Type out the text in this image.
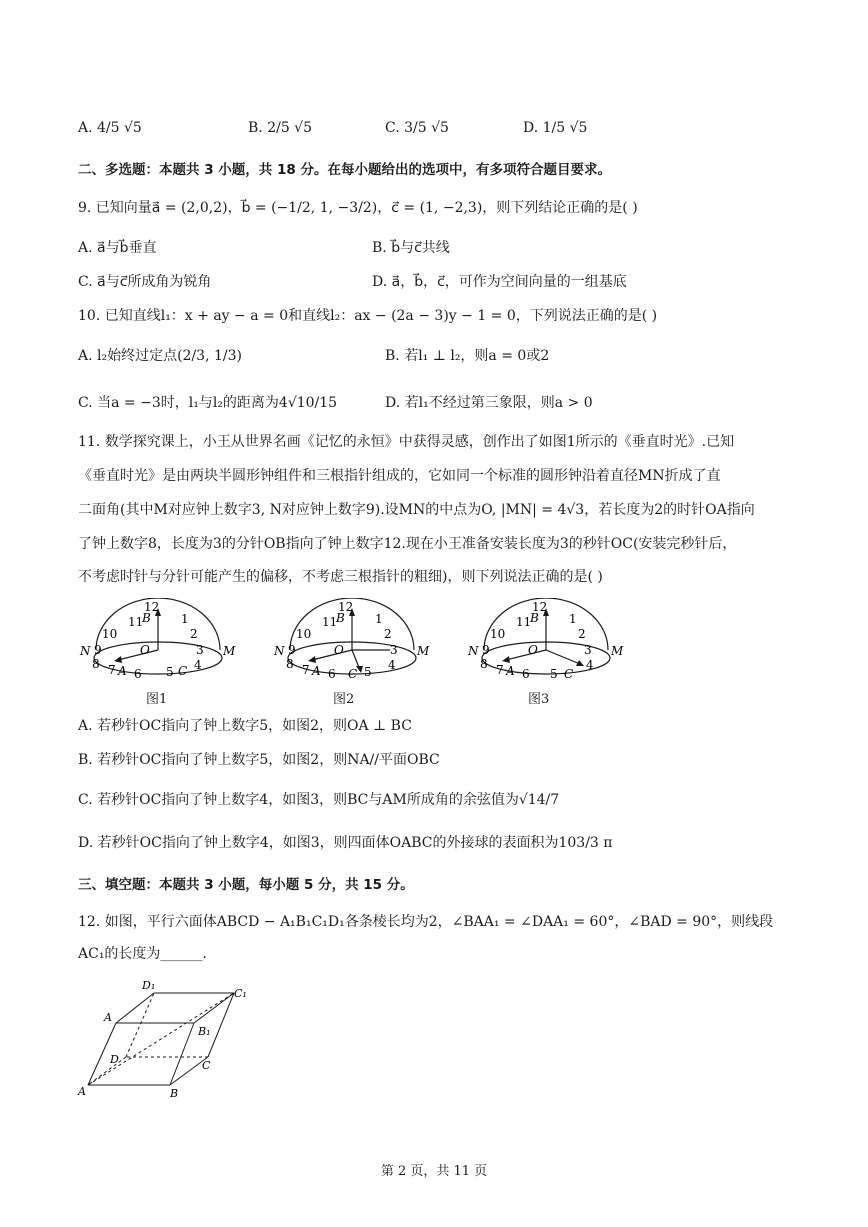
A. 4/5 √5	B. 2/5 √5	C. 3/5 √5	D. 1/5 √5
二、多选题：本题共 3 小题，共 18 分。在每小题给出的选项中，有多项符合题目要求。
9. 已知向量a⃗ = (2,0,2)，b⃗ = (−1/2, 1, −3/2)，c⃗ = (1, −2,3)，则下列结论正确的是( )
A. a⃗与b⃗垂直	B. b⃗与c⃗共线
C. a⃗与c⃗所成角为锐角	D. a⃗，b⃗，c⃗，可作为空间向量的一组基底
10. 已知直线l₁：x + ay − a = 0和直线l₂：ax − (2a − 3)y − 1 = 0，下列说法正确的是( )
A. l₂始终过定点(2/3, 1/3)	B. 若l₁ ⊥ l₂，则a = 0或2
C. 当a = −3时，l₁与l₂的距离为4√10/15	D. 若l₁不经过第三象限，则a > 0
11. 数学探究课上，小王从世界名画《记忆的永恒》中获得灵感，创作出了如图1所示的《垂直时光》.已知
《垂直时光》是由两块半圆形钟组件和三根指针组成的，它如同一个标准的圆形钟沿着直径MN折成了直
二面角(其中M对应钟上数字3, N对应钟上数字9).设MN的中点为O, |MN| = 4√3，若长度为2的时针OA指向
了钟上数字8，长度为3的分针OB指向了钟上数字12.现在小王准备安装长度为3的秒针OC(安装完秒针后，
不考虑时针与分针可能产生的偏移，不考虑三根指针的粗细)，则下列说法正确的是( )
12
11	1
10	2
9	3
8 7 6 5 4
B
O
A	C
N	M
图1
12
11	1
10	2
9	3
8 7 6 5 4
B
O
A C
N	M
图2
12
11	1
10	2
9	3
8 7 6 5
4
B
O
A	C
N	M
图3
A. 若秒针OC指向了钟上数字5，如图2，则OA ⊥ BC
B. 若秒针OC指向了钟上数字5，如图2，则NA//平面OBC
C. 若秒针OC指向了钟上数字4，如图3，则BC与AM所成角的余弦值为√14/7
D. 若秒针OC指向了钟上数字4，如图3，则四面体OABC的外接球的表面积为103/3 π
三、填空题：本题共 3 小题，每小题 5 分，共 15 分。
12. 如图，平行六面体ABCD − A₁B₁C₁D₁各条棱长均为2，∠BAA₁ = ∠DAA₁ = 60°，∠BAD = 90°，则线段
AC₁的长度为______.
A	B
C
D
A
B₁
C₁
D₁
第 2 页，共 11 页
